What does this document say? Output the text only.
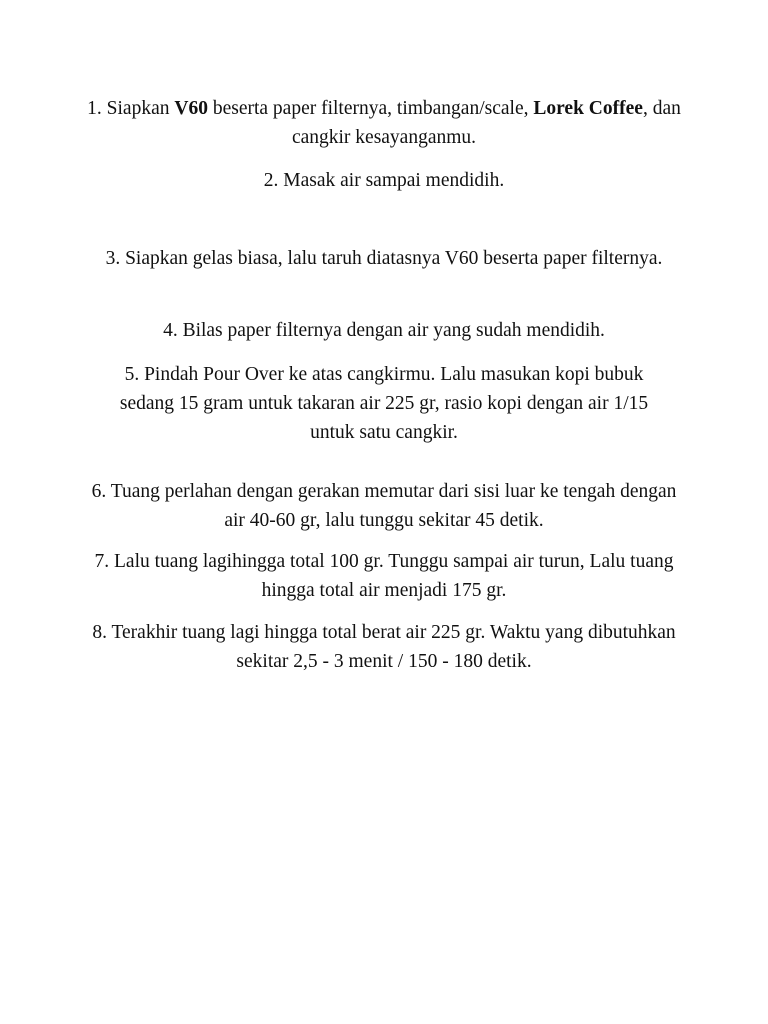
1. Siapkan V60 beserta paper filternya, timbangan/scale, Lorek Coffee, dan cangkir kesayanganmu.

2. Masak air sampai mendidih.

3. Siapkan gelas biasa, lalu taruh diatasnya V60 beserta paper filternya.

4. Bilas paper filternya dengan air yang sudah mendidih.

5. Pindah Pour Over ke atas cangkirmu. Lalu masukan kopi bubuk sedang 15 gram untuk takaran air 225 gr, rasio kopi dengan air 1/15 untuk satu cangkir.

6. Tuang perlahan dengan gerakan memutar dari sisi luar ke tengah dengan air 40-60 gr, lalu tunggu sekitar 45 detik.

7. Lalu tuang lagihingga total 100 gr. Tunggu sampai air turun, Lalu tuang hingga total air menjadi 175 gr.

8. Terakhir tuang lagi hingga total berat air 225 gr. Waktu yang dibutuhkan sekitar 2,5 - 3 menit / 150 - 180 detik.
